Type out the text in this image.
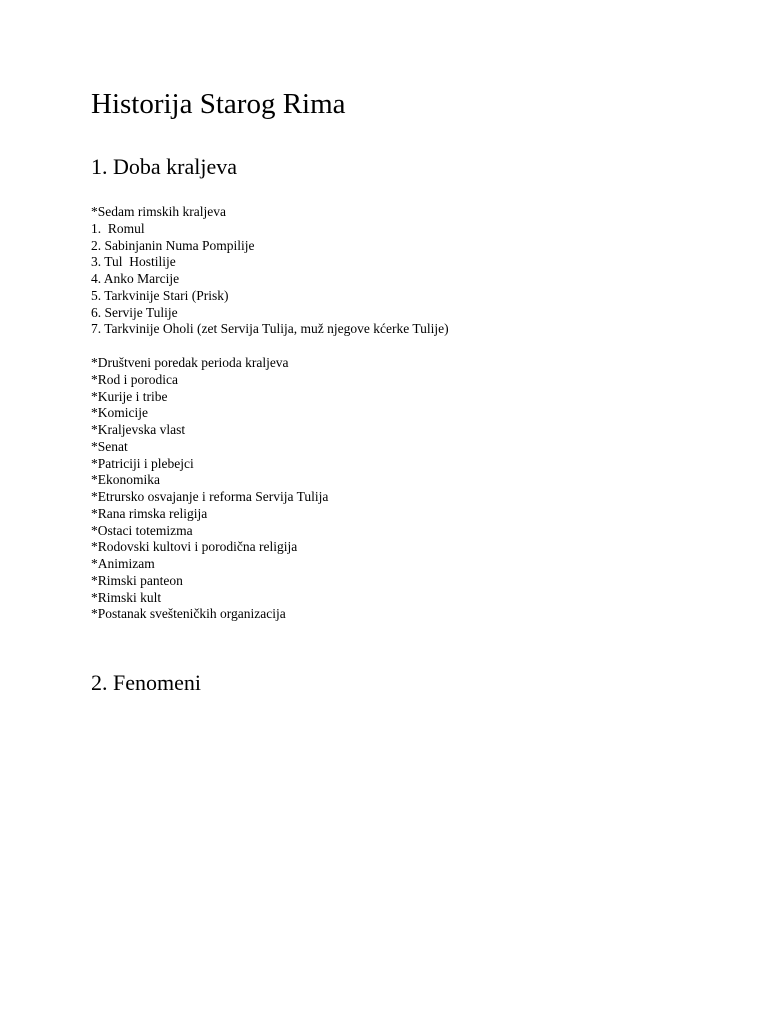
Historija Starog Rima
1. Doba kraljeva
*Sedam rimskih kraljeva
1.  Romul
2. Sabinjanin Numa Pompilije
3. Tul  Hostilije
4. Anko Marcije
5. Tarkvinije Stari (Prisk)
6. Servije Tulije
7. Tarkvinije Oholi (zet Servija Tulija, muž njegove kćerke Tulije)
*Društveni poredak perioda kraljeva
*Rod i porodica
*Kurije i tribe
*Komicije
*Kraljevska vlast
*Senat
*Patriciji i plebejci
*Ekonomika
*Etrursko osvajanje i reforma Servija Tulija
*Rana rimska religija
*Ostaci totemizma
*Rodovski kultovi i porodična religija
*Animizam
*Rimski panteon
*Rimski kult
*Postanak svešteničkih organizacija
2. Fenomeni
